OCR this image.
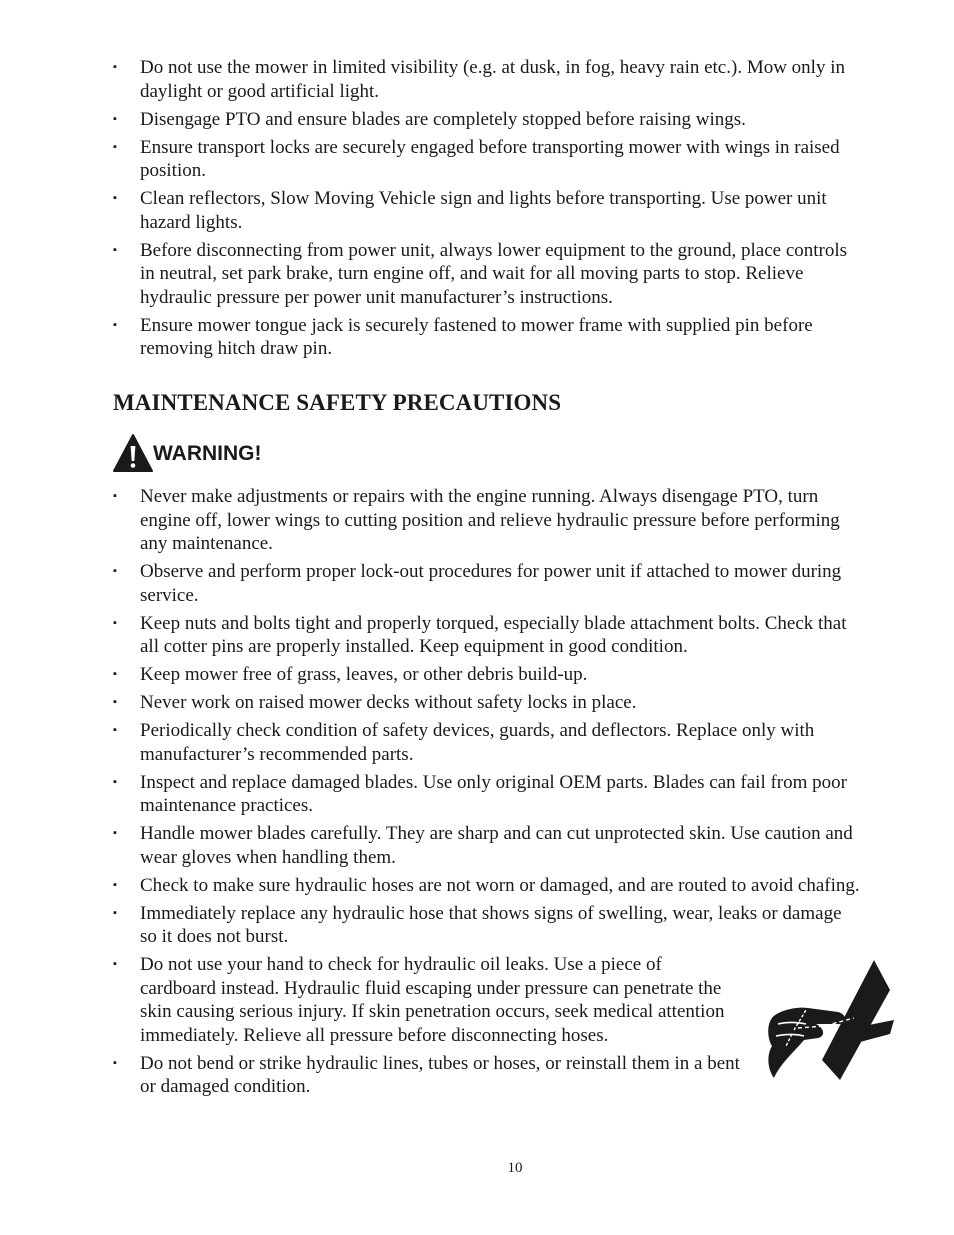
▪ Do not use the mower in limited visibility (e.g. at dusk, in fog, heavy rain etc.). Mow only in daylight or good artificial light.
▪ Disengage PTO and ensure blades are completely stopped before raising wings.
▪ Ensure transport locks are securely engaged before transporting mower with wings in raised position.
▪ Clean reflectors, Slow Moving Vehicle sign and lights before transporting. Use power unit hazard lights.
▪ Before disconnecting from power unit, always lower equipment to the ground, place controls in neutral, set park brake, turn engine off, and wait for all moving parts to stop. Relieve hydraulic pressure per power unit manufacturer’s instructions.
▪ Ensure mower tongue jack is securely fastened to mower frame with supplied pin before removing hitch draw pin.
MAINTENANCE SAFETY PRECAUTIONS
WARNING!
▪ Never make adjustments or repairs with the engine running. Always disengage PTO, turn engine off, lower wings to cutting position and relieve hydraulic pressure before performing any maintenance.
▪ Observe and perform proper lock-out procedures for power unit if attached to mower during service.
▪ Keep nuts and bolts tight and properly torqued, especially blade attachment bolts. Check that all cotter pins are properly installed. Keep equipment in good condition.
▪ Keep mower free of grass, leaves, or other debris build-up.
▪ Never work on raised mower decks without safety locks in place.
▪ Periodically check condition of safety devices, guards, and deflectors. Replace only with manufacturer’s recommended parts.
▪ Inspect and replace damaged blades. Use only original OEM parts. Blades can fail from poor maintenance practices.
▪ Handle mower blades carefully. They are sharp and can cut unprotected skin. Use caution and wear gloves when handling them.
▪ Check to make sure hydraulic hoses are not worn or damaged, and are routed to avoid chafing.
▪ Immediately replace any hydraulic hose that shows signs of swelling, wear, leaks or damage so it does not burst.
▪ Do not use your hand to check for hydraulic oil leaks. Use a piece of cardboard instead. Hydraulic fluid escaping under pressure can penetrate the skin causing serious injury. If skin penetration occurs, seek medical attention immediately. Relieve all pressure before disconnecting hoses.
▪ Do not bend or strike hydraulic lines, tubes or hoses, or reinstall them in a bent or damaged condition.
10
